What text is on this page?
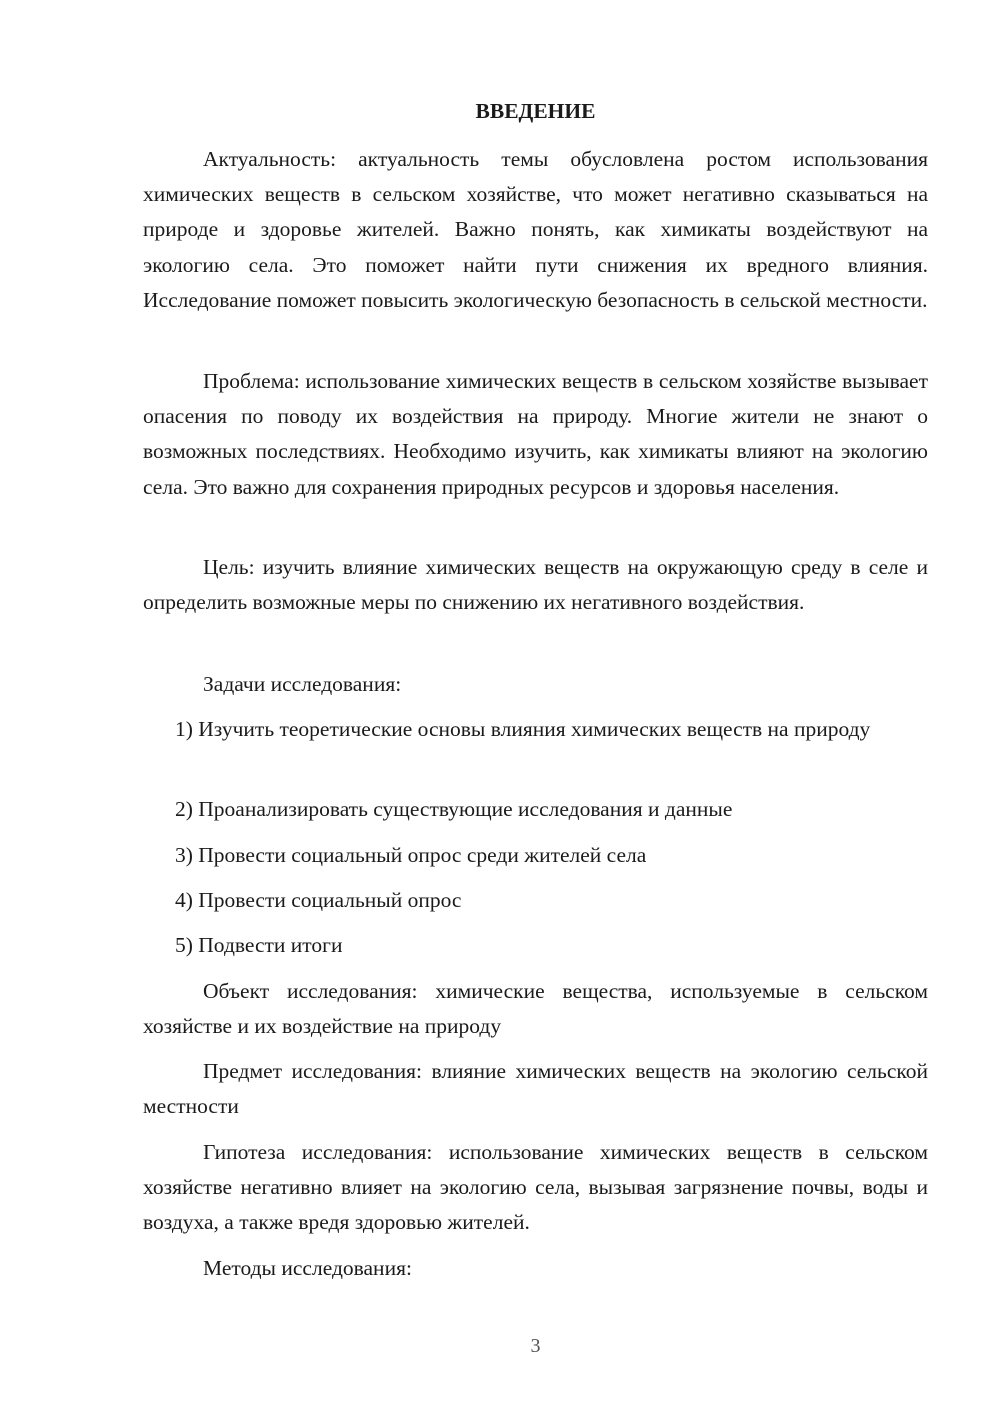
ВВЕДЕНИЕ

Актуальность: актуальность темы обусловлена ростом использования химических веществ в сельском хозяйстве, что может негативно сказываться на природе и здоровье жителей. Важно понять, как химикаты воздействуют на экологию села. Это поможет найти пути снижения их вредного влияния. Исследование поможет повысить экологическую безопасность в сельской местности.

Проблема: использование химических веществ в сельском хозяйстве вызывает опасения по поводу их воздействия на природу. Многие жители не знают о возможных последствиях. Необходимо изучить, как химикаты влияют на экологию села. Это важно для сохранения природных ресурсов и здоровья населения.

Цель: изучить влияние химических веществ на окружающую среду в селе и определить возможные меры по снижению их негативного воздействия.

Задачи исследования:

1) Изучить теоретические основы влияния химических веществ на природу

2) Проанализировать существующие исследования и данные

3) Провести социальный опрос среди жителей села

4) Провести социальный опрос

5) Подвести итоги

Объект исследования: химические вещества, используемые в сельском хозяйстве и их воздействие на природу

Предмет исследования: влияние химических веществ на экологию сельской местности

Гипотеза исследования: использование химических веществ в сельском хозяйстве негативно влияет на экологию села, вызывая загрязнение почвы, воды и воздуха, а также вредя здоровью жителей.

Методы исследования:

3
